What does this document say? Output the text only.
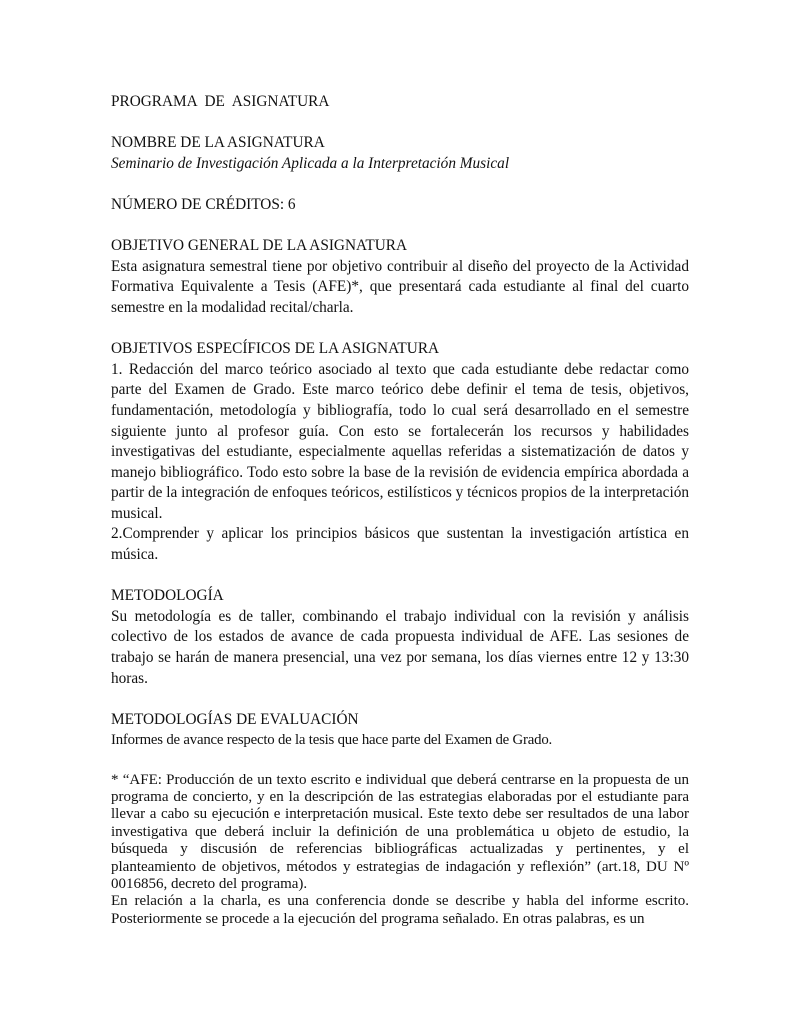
PROGRAMA  DE  ASIGNATURA

NOMBRE DE LA ASIGNATURA

Seminario de Investigación Aplicada a la Interpretación Musical

NÚMERO DE CRÉDITOS: 6

OBJETIVO GENERAL DE LA ASIGNATURA

Esta asignatura semestral tiene por objetivo contribuir al diseño del proyecto de la Actividad Formativa Equivalente a Tesis (AFE)*, que presentará cada estudiante al final del cuarto semestre en la modalidad recital/charla.

OBJETIVOS ESPECÍFICOS DE LA ASIGNATURA

1. Redacción del marco teórico asociado al texto que cada estudiante debe redactar como parte del Examen de Grado. Este marco teórico debe definir el tema de tesis, objetivos, fundamentación, metodología y bibliografía, todo lo cual será desarrollado en el semestre siguiente junto al profesor guía. Con esto se fortalecerán los recursos y habilidades investigativas del estudiante, especialmente aquellas referidas a sistematización de datos y manejo bibliográfico. Todo esto sobre la base de la revisión de evidencia empírica abordada a partir de la integración de enfoques teóricos, estilísticos y técnicos propios de la interpretación musical.

2.Comprender y aplicar los principios básicos que sustentan la investigación artística en música.

METODOLOGÍA

Su metodología es de taller, combinando el trabajo individual con la revisión y análisis colectivo de los estados de avance de cada propuesta individual de AFE. Las sesiones de trabajo se harán de manera presencial, una vez por semana, los días viernes entre 12 y 13:30 horas.

METODOLOGÍAS DE EVALUACIÓN

Informes de avance respecto de la tesis que hace parte del Examen de Grado.

* “AFE: Producción de un texto escrito e individual que deberá centrarse en la propuesta de un programa de concierto, y en la descripción de las estrategias elaboradas por el estudiante para llevar a cabo su ejecución e interpretación musical. Este texto debe ser resultados de una labor investigativa que deberá incluir la definición de una problemática u objeto de estudio, la búsqueda y discusión de referencias bibliográficas actualizadas y pertinentes, y el planteamiento de objetivos, métodos y estrategias de indagación y reflexión” (art.18, DU Nº 0016856, decreto del programa).

En relación a la charla, es una conferencia donde se describe y habla del informe escrito. Posteriormente se procede a la ejecución del programa señalado. En otras palabras, es un
